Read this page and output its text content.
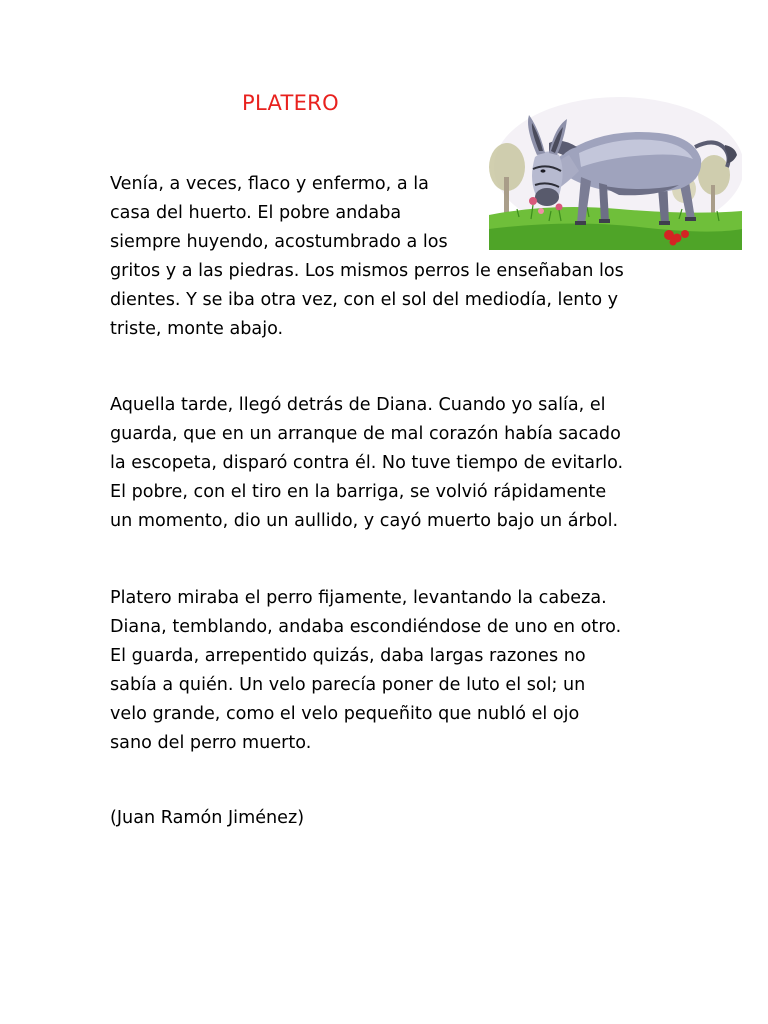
PLATERO

Venía, a veces, flaco y enfermo, a la
casa del huerto. El pobre andaba
siempre huyendo, acostumbrado a los
gritos y a las piedras. Los mismos perros le enseñaban los
dientes. Y se iba otra vez, con el sol del mediodía, lento y
triste, monte abajo.

Aquella tarde, llegó detrás de Diana. Cuando yo salía, el
guarda, que en un arranque de mal corazón había sacado
la escopeta, disparó contra él. No tuve tiempo de evitarlo.
El pobre, con el tiro en la barriga, se volvió rápidamente
un momento, dio un aullido, y cayó muerto bajo un árbol.

Platero miraba el perro fijamente, levantando la cabeza.
Diana, temblando, andaba escondiéndose de uno en otro.
El guarda, arrepentido quizás, daba largas razones no
sabía a quién. Un velo parecía poner de luto el sol; un
velo grande, como el velo pequeñito que nubló el ojo
sano del perro muerto.

(Juan Ramón Jiménez)
